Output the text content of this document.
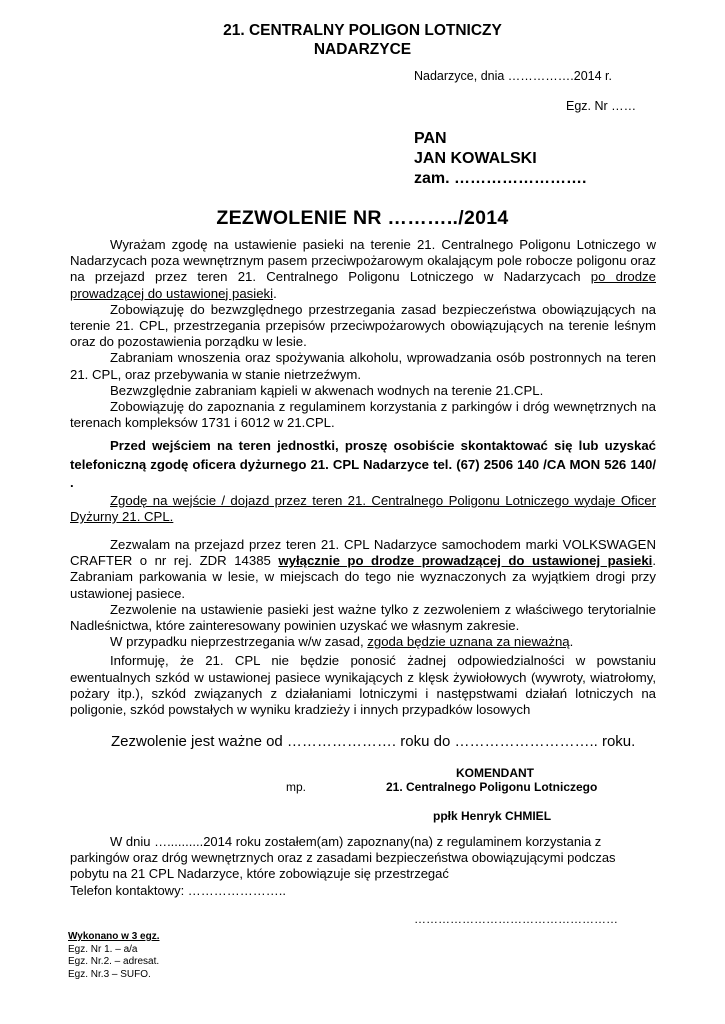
21. CENTRALNY POLIGON LOTNICZY
NADARZYCE
Nadarzyce, dnia …………….2014 r.
Egz. Nr ……
PAN
JAN KOWALSKI
zam. …………………….
ZEZWOLENIE NR ………../2014

Wyrażam zgodę na ustawienie pasieki na terenie 21. Centralnego Poligonu Lotniczego w Nadarzycach poza wewnętrznym pasem przeciwpożarowym okalającym pole robocze poligonu oraz na przejazd przez teren 21. Centralnego Poligonu Lotniczego w Nadarzycach po drodze prowadzącej do ustawionej pasieki.

Zobowiązuję do bezwzględnego przestrzegania zasad bezpieczeństwa obowiązujących na terenie 21. CPL, przestrzegania przepisów przeciwpożarowych obowiązujących na terenie leśnym oraz do pozostawienia porządku w lesie.

Zabraniam wnoszenia oraz spożywania alkoholu, wprowadzania osób postronnych na teren 21. CPL, oraz przebywania w stanie nietrzeźwym.

Bezwzględnie zabraniam kąpieli w akwenach wodnych na terenie 21.CPL.

Zobowiązuję do zapoznania z regulaminem korzystania z parkingów i dróg wewnętrznych na terenach kompleksów 1731 i 6012 w 21.CPL.

Przed wejściem na teren jednostki, proszę osobiście skontaktować się lub uzyskać telefoniczną zgodę oficera dyżurnego 21. CPL Nadarzyce tel. (67) 2506 140 /CA MON 526 140/ .

Zgodę na wejście / dojazd przez teren 21. Centralnego Poligonu Lotniczego wydaje Oficer Dyżurny 21. CPL.

Zezwalam na przejazd przez teren 21. CPL Nadarzyce samochodem marki VOLKSWAGEN CRAFTER o nr rej. ZDR 14385 wyłącznie po drodze prowadzącej do ustawionej pasieki. Zabraniam parkowania w lesie, w miejscach do tego nie wyznaczonych za wyjątkiem drogi przy ustawionej pasiece.

Zezwolenie na ustawienie pasieki jest ważne tylko z zezwoleniem z właściwego terytorialnie Nadleśnictwa, które zainteresowany powinien uzyskać we własnym zakresie.

W przypadku nieprzestrzegania w/w zasad, zgoda będzie uznana za nieważną.

Informuję, że 21. CPL nie będzie ponosić żadnej odpowiedzialności w powstaniu ewentualnych szkód w ustawionej pasiece wynikających z klęsk żywiołowych (wywroty, wiatrołomy, pożary itp.), szkód związanych z działaniami lotniczymi i następstwami działań lotniczych na poligonie, szkód powstałych w wyniku kradzieży i innych przypadków losowych

Zezwolenie jest ważne od …………………. roku do ……………………….. roku.
KOMENDANT
mp.	21. Centralnego Poligonu Lotniczego
ppłk Henryk CHMIEL

W dniu …..........2014 roku zostałem(am) zapoznany(na) z regulaminem korzystania z parkingów oraz dróg wewnętrznych oraz z zasadami bezpieczeństwa obowiązującymi podczas pobytu na 21 CPL Nadarzyce, które zobowiązuje się przestrzegać

Telefon kontaktowy: …………………..

……………………………………………
Wykonano w 3 egz.
Egz. Nr 1. – a/a
Egz. Nr.2. – adresat.
Egz. Nr.3 – SUFO.
